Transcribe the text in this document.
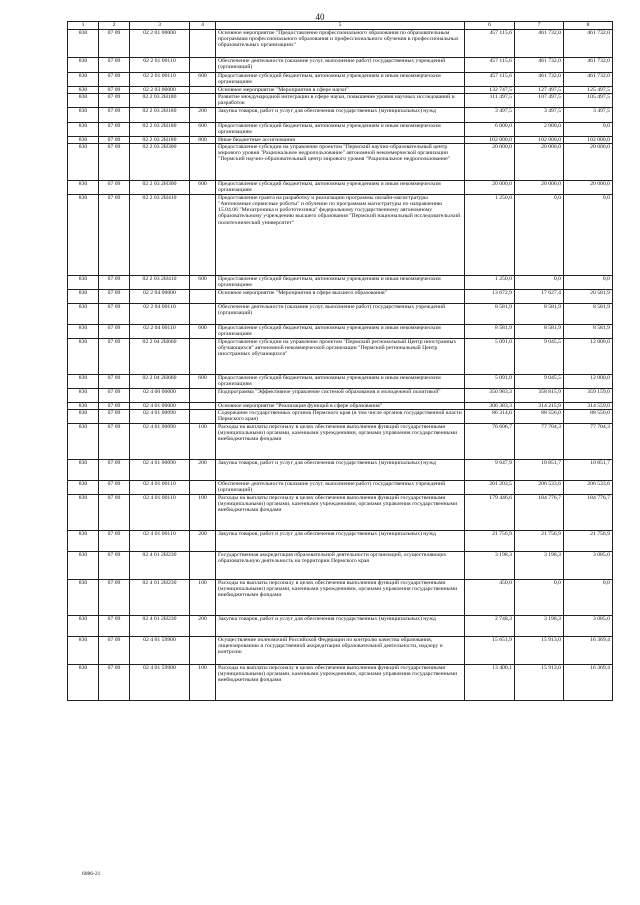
40
1	2	3	4	5	6	7	8
830	07 09	02 2 01 00000		Основное мероприятие "Предоставление профессионального образования по образовательным программам профессионального образования и профессионального обучения в профессиональных образовательных организациях"	457 115,6	461 732,0	461 732,0
830	07 09	02 2 01 00110		Обеспечение деятельности (оказание услуг, выполнение работ) государственных учреждений (организаций)	457 115,6	461 732,0	461 732,0
830	07 09	02 2 01 00110	600	Предоставление субсидий бюджетным, автономным учреждениям и иным некоммерческим организациям	457 115,6	461 732,0	461 732,0
830	07 09	02 2 03 00000		Основное мероприятие "Мероприятия в сфере науки"	132 747,5	127 497,5	125 497,5
830	07 09	02 2 03 2Н180		Развитие международной интеграции в сфере науки, повышение уровня научных исследований и разработок	111 497,5	107 497,5	105 497,5
830	07 09	02 2 03 2Н180	200	Закупка товаров, работ и услуг для обеспечения государственных (муниципальных) нужд	3 497,5	3 497,5	3 497,5
830	07 09	02 2 03 2Н180	600	Предоставление субсидий бюджетным, автономным учреждениям и иным некоммерческим организациям	6 000,0	2 000,0	0,0
830	07 09	02 2 03 2Н180	800	Иные бюджетные ассигнования	102 000,0	102 000,0	102 000,0
830	07 09	02 2 03 2Н300		Предоставление субсидии на управление проектом "Пермский научно-образовательный центр мирового уровня "Рациональное недропользование" автономной некоммерческой организации "Пермский научно-образовательный центр мирового уровня "Рациональное недропользование"	20 000,0	20 000,0	20 000,0
830	07 09	02 2 03 2Н300	600	Предоставление субсидий бюджетным, автономным учреждениям и иным некоммерческим организациям	20 000,0	20 000,0	20 000,0
830	07 09	02 2 03 2Н410		Предоставление гранта на разработку и реализацию программы онлайн-магистратуры "Автономные сервисные роботы" и обучение по программам магистратуры по направлению 15.04.06 "Мехатроника и робототехника" федеральному государственному автономному образовательному учреждению высшего образования "Пермский национальный исследовательский политехнический университет"	1 250,0	0,0	0,0
830	07 09	02 2 03 2Н410	600	Предоставление субсидий бюджетным, автономным учреждениям и иным некоммерческим организациям	1 250,0	0,0	0,0
830	07 09	02 2 04 00000		Основное мероприятие "Мероприятия в сфере высшего образования"	13 672,9	17 627,4	20 581,9
830	07 09	02 2 04 00110		Обеспечение деятельности (оказание услуг, выполнение работ) государственных учреждений (организаций)	8 581,9	8 581,9	8 581,9
830	07 09	02 2 04 00110	600	Предоставление субсидий бюджетным, автономным учреждениям и иным некоммерческим организациям	8 581,9	8 581,9	8 581,9
830	07 09	02 2 04 2Н660		Предоставление субсидии на управление проектом "Пермский региональный Центр иностранных обучающихся" автономной некоммерческой организации "Пермский региональный Центр иностранных обучающихся"	5 091,0	9 045,5	12 000,0
830	07 09	02 2 04 2Н660	600	Предоставление субсидий бюджетным, автономным учреждениям и иным некоммерческим организациям	5 091,0	9 045,5	12 000,0
830	07 09	02 4 00 00000		Подпрограмма "Эффективное управление системой образования и молодежной политикой"	350 983,3	358 815,9	359 159,0
830	07 09	02 4 01 00000		Основное мероприятие "Реализация функций в сфере образования"	306 383,3	314 215,9	314 559,0
830	07 09	02 4 01 00090		Содержание государственных органов Пермского края (в том числе органов государственной власти Пермского края)	86 314,6	88 556,0	88 556,0
830	07 09	02 4 01 00090	100	Расходы на выплаты персоналу в целях обеспечения выполнения функций государственными (муниципальными) органами, казенными учреждениями, органами управления государственными внебюджетными фондами	76 606,7	77 704,3	77 704,3
830	07 09	02 4 01 00090	200	Закупка товаров, работ и услуг для обеспечения государственных (муниципальных) нужд	9 647,9	10 851,7	10 851,7
830	07 09	02 4 01 00110		Обеспечение деятельности (оказание услуг, выполнение работ) государственных учреждений (организаций)	201 203,5	206 533,6	206 533,6
830	07 09	02 4 01 00110	100	Расходы на выплаты персоналу в целях обеспечения выполнения функций государственными (муниципальными) органами, казенными учреждениями, органами управления государственными внебюджетными фондами	179 446,6	184 776,7	184 776,7
830	07 09	02 4 01 00110	200	Закупка товаров, работ и услуг для обеспечения государственных (муниципальных) нужд	21 756,9	21 756,9	21 756,9
830	07 09	02 4 01 2Н230		Государственная аккредитация образовательной деятельности организаций, осуществляющих образовательную деятельность на территории Пермского края	3 198,3	3 198,3	3 085,0
830	07 09	02 4 01 2Н230	100	Расходы на выплаты персоналу в целях обеспечения выполнения функций государственными (муниципальными) органами, казенными учреждениями, органами управления государственными внебюджетными фондами	450,0	0,0	0,0
830	07 09	02 4 01 2Н230	200	Закупка товаров, работ и услуг для обеспечения государственных (муниципальных) нужд	2 748,3	3 198,3	3 085,0
830	07 09	02 4 01 59900		Осуществление полномочий Российской Федерации по контролю качества образования, лицензированию и государственной аккредитации образовательной деятельности, надзору и контролю	15 651,9	15 913,0	16 369,4
830	07 09	02 4 01 59900	100	Расходы на выплаты персоналу в целях обеспечения выполнения функций государственными (муниципальными) органами, казенными учреждениями, органами управления государственными внебюджетными фондами	13 400,1	15 913,0	16 369,4
6086-21
